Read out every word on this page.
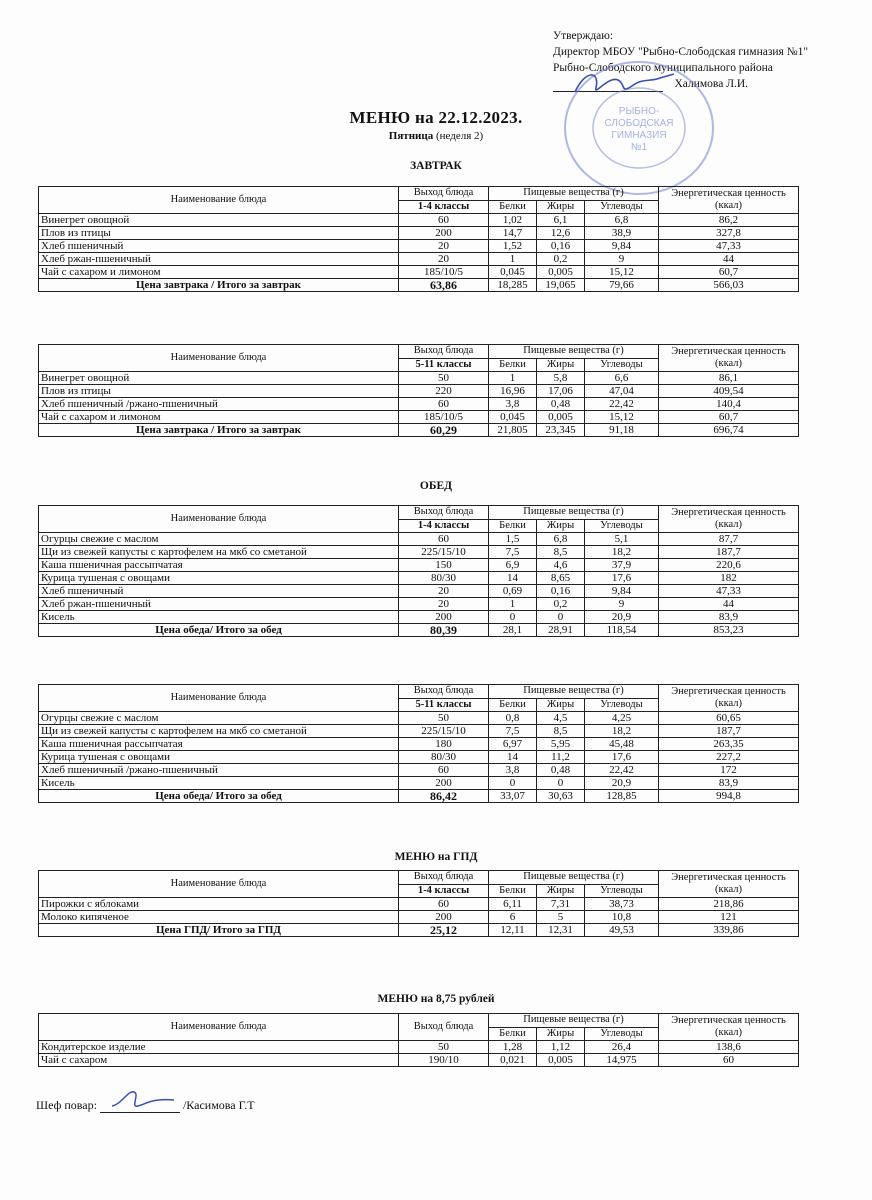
Утверждаю:
Директор МБОУ "Рыбно-Слободская гимназия №1"
Рыбно-Слободского муниципального района
Халимова Л.И.
РЫБНО-
СЛОБОДСКАЯ
ГИМНАЗИЯ
№1
МЕНЮ на 22.12.2023.
Пятница (неделя 2)
ЗАВТРАК
ОБЕД
МЕНЮ на ГПД
МЕНЮ на 8,75 рублей
Наименование блюда	Выход блюда	Пищевые вещества (г)			Энергетическая ценность (ккал)
	1-4 классы	Белки	Жиры	Углеводы	
Винегрет овощной	60	1,02	6,1	6,8	86,2
Плов из птицы	200	14,7	12,6	38,9	327,8
Хлеб пшеничный	20	1,52	0,16	9,84	47,33
Хлеб ржан-пшеничный	20	1	0,2	9	44
Чай с сахаром и лимоном	185/10/5	0,045	0,005	15,12	60,7
Цена завтрака / Итого за завтрак	63,86	18,285	19,065	79,66	566,03
Наименование блюда	Выход блюда	Пищевые вещества (г)			Энергетическая ценность (ккал)
	5-11 классы	Белки	Жиры	Углеводы	
Винегрет овощной	50	1	5,8	6,6	86,1
Плов из птицы	220	16,96	17,06	47,04	409,54
Хлеб пшеничный /ржано-пшеничный	60	3,8	0,48	22,42	140,4
Чай с сахаром и лимоном	185/10/5	0,045	0,005	15,12	60,7
Цена завтрака / Итого за завтрак	60,29	21,805	23,345	91,18	696,74
Наименование блюда	Выход блюда	Пищевые вещества (г)			Энергетическая ценность (ккал)
	1-4 классы	Белки	Жиры	Углеводы	
Огурцы свежие с маслом	60	1,5	6,8	5,1	87,7
Щи из свежей капусты с картофелем на мкб со сметаной	225/15/10	7,5	8,5	18,2	187,7
Каша пшеничная рассыпчатая	150	6,9	4,6	37,9	220,6
Курица тушеная с овощами	80/30	14	8,65	17,6	182
Хлеб пшеничный	20	0,69	0,16	9,84	47,33
Хлеб ржан-пшеничный	20	1	0,2	9	44
Кисель	200	0	0	20,9	83,9
Цена обеда/ Итого за обед	80,39	28,1	28,91	118,54	853,23
Наименование блюда	Выход блюда	Пищевые вещества (г)			Энергетическая ценность (ккал)
	5-11 классы	Белки	Жиры	Углеводы	
Огурцы свежие с маслом	50	0,8	4,5	4,25	60,65
Щи из свежей капусты с картофелем на мкб со сметаной	225/15/10	7,5	8,5	18,2	187,7
Каша пшеничная рассыпчатая	180	6,97	5,95	45,48	263,35
Курица тушеная с овощами	80/30	14	11,2	17,6	227,2
Хлеб пшеничный /ржано-пшеничный	60	3,8	0,48	22,42	172
Кисель	200	0	0	20,9	83,9
Цена обеда/ Итого за обед	86,42	33,07	30,63	128,85	994,8
Наименование блюда	Выход блюда	Пищевые вещества (г)			Энергетическая ценность (ккал)
	1-4 классы	Белки	Жиры	Углеводы	
Пирожки с яблоками	60	6,11	7,31	38,73	218,86
Молоко кипяченое	200	6	5	10,8	121
Цена ГПД/ Итого за ГПД	25,12	12,11	12,31	49,53	339,86
Наименование блюда	Выход блюда	Пищевые вещества (г)			Энергетическая ценность (ккал)
		Белки	Жиры	Углеводы	
Кондитерское изделие	50	1,28	1,12	26,4	138,6
Чай с сахаром	190/10	0,021	0,005	14,975	60
Шеф повар:	/Касимова Г.Т
